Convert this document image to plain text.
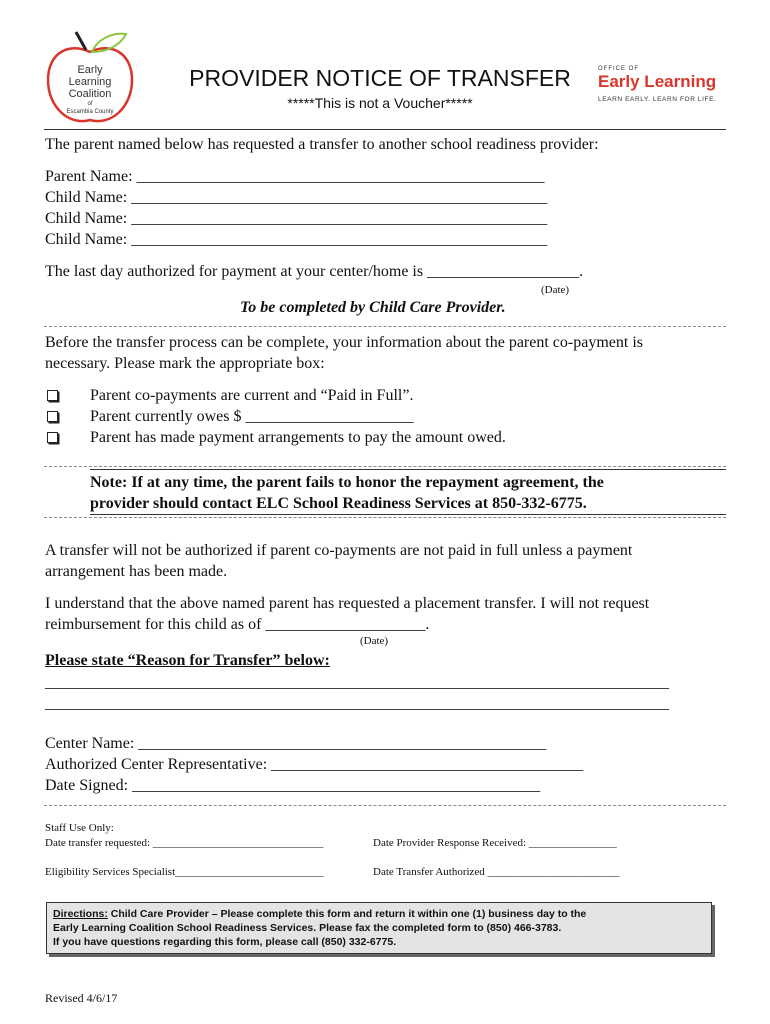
Early
Learning
Coalition
of
Escambia County
OFFICE OF
Early Learning
LEARN EARLY. LEARN FOR LIFE.
PROVIDER NOTICE OF TRANSFER
*****This is not a Voucher*****
The parent named below has requested a transfer to another school readiness provider:
Parent Name: ___________________________________________________
Child Name: ____________________________________________________
Child Name: ____________________________________________________
Child Name: ____________________________________________________
The last day authorized for payment at your center/home is ___________________.
(Date)
To be completed by Child Care Provider.
Before the transfer process can be complete, your information about the parent co-payment is
necessary. Please mark the appropriate box:
Parent co-payments are current and “Paid in Full”.
Parent currently owes $ _____________________
Parent has made payment arrangements to pay the amount owed.
Note: If at any time, the parent fails to honor the repayment agreement, the
provider should contact ELC School Readiness Services at 850-332-6775.
A transfer will not be authorized if parent co-payments are not paid in full unless a payment
arrangement has been made.
I understand that the above named parent has requested a placement transfer. I will not request
reimbursement for this child as of ____________________.
(Date)
Please state “Reason for Transfer” below:
______________________________________________________________________________
______________________________________________________________________________
Center Name: ___________________________________________________
Authorized Center Representative: _______________________________________
Date Signed: ___________________________________________________
Staff Use Only:
Date transfer requested: _______________________________	Date Provider Response Received: ________________
Eligibility Services Specialist___________________________	Date Transfer Authorized ________________________
Directions: Child Care Provider – Please complete this form and return it within one (1) business day to the
Early Learning Coalition School Readiness Services. Please fax the completed form to (850) 466-3783.
If you have questions regarding this form, please call (850) 332-6775.
Revised 4/6/17
